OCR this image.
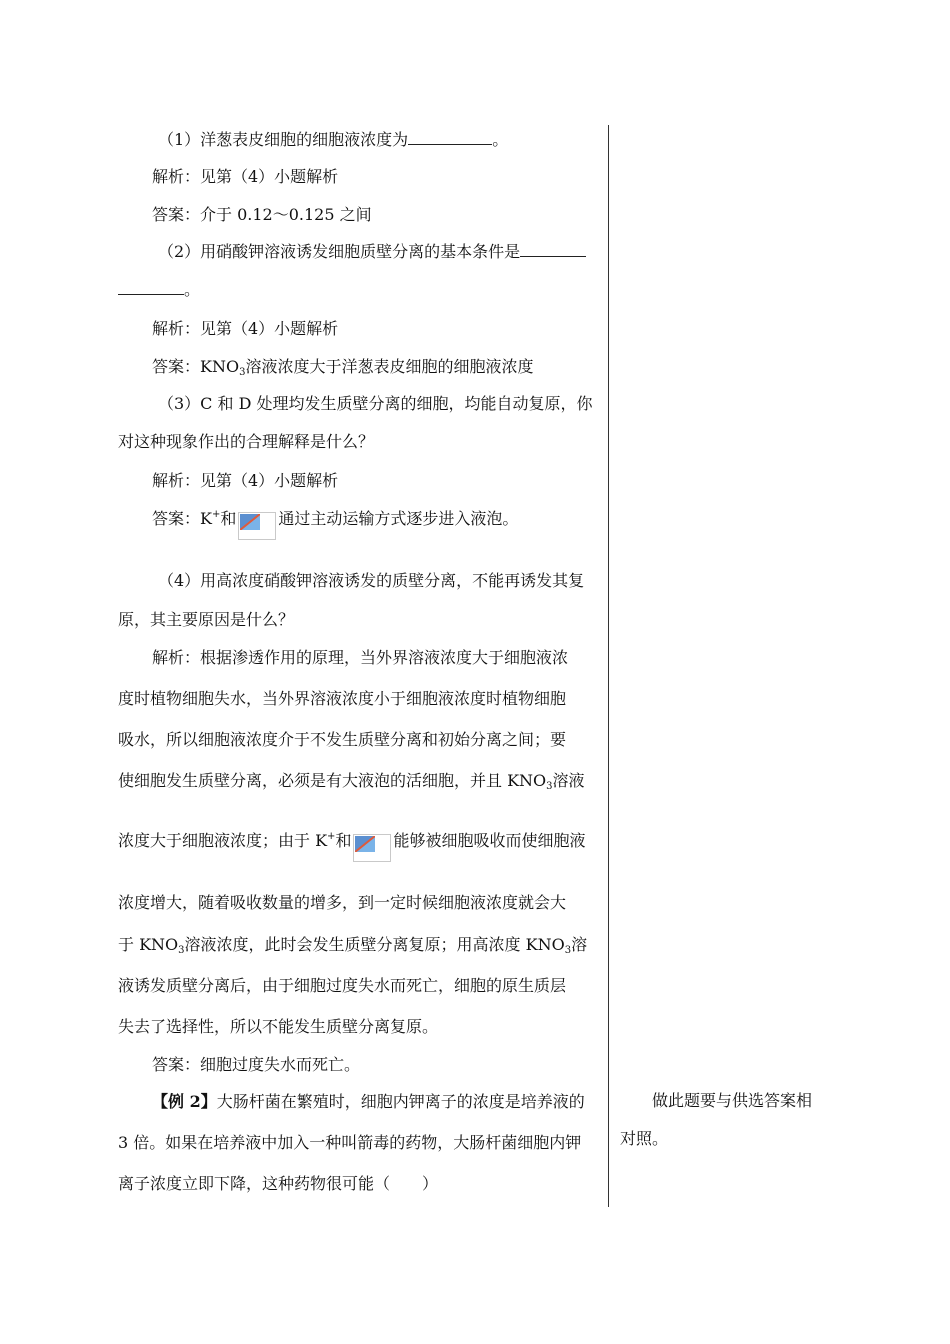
（1）洋葱表皮细胞的细胞液浓度为	。

解析：见第（4）小题解析

答案：介于 0.12～0.125 之间

（2）用硝酸钾溶液诱发细胞质壁分离的基本条件是

。

解析：见第（4）小题解析

答案：$KNO_3$溶液浓度大于洋葱表皮细胞的细胞液浓度

（3）C 和 D 处理均发生质壁分离的细胞，均能自动复原，你

对这种现象作出的合理解释是什么？

解析：见第（4）小题解析

答案：K+和	通过主动运输方式逐步进入液泡。

（4）用高浓度硝酸钾溶液诱发的质壁分离，不能再诱发其复

原，其主要原因是什么？

解析：根据渗透作用的原理，当外界溶液浓度大于细胞液浓

度时植物细胞失水，当外界溶液浓度小于细胞液浓度时植物细胞

吸水，所以细胞液浓度介于不发生质壁分离和初始分离之间；要

使细胞发生质壁分离，必须是有大液泡的活细胞，并且 $KNO_3$溶液

浓度大于细胞液浓度；由于 K+和	能够被细胞吸收而使细胞液

浓度增大，随着吸收数量的增多，到一定时候细胞液浓度就会大

于 $KNO_3$溶液浓度，此时会发生质壁分离复原；用高浓度 $KNO_3$溶

液诱发质壁分离后，由于细胞过度失水而死亡，细胞的原生质层

失去了选择性，所以不能发生质壁分离复原。

答案：细胞过度失水而死亡。

【例 2】大肠杆菌在繁殖时，细胞内钾离子的浓度是培养液的

3 倍。如果在培养液中加入一种叫箭毒的药物，大肠杆菌细胞内钾

离子浓度立即下降，这种药物很可能（　　）

做此题要与供选答案相
对照。
